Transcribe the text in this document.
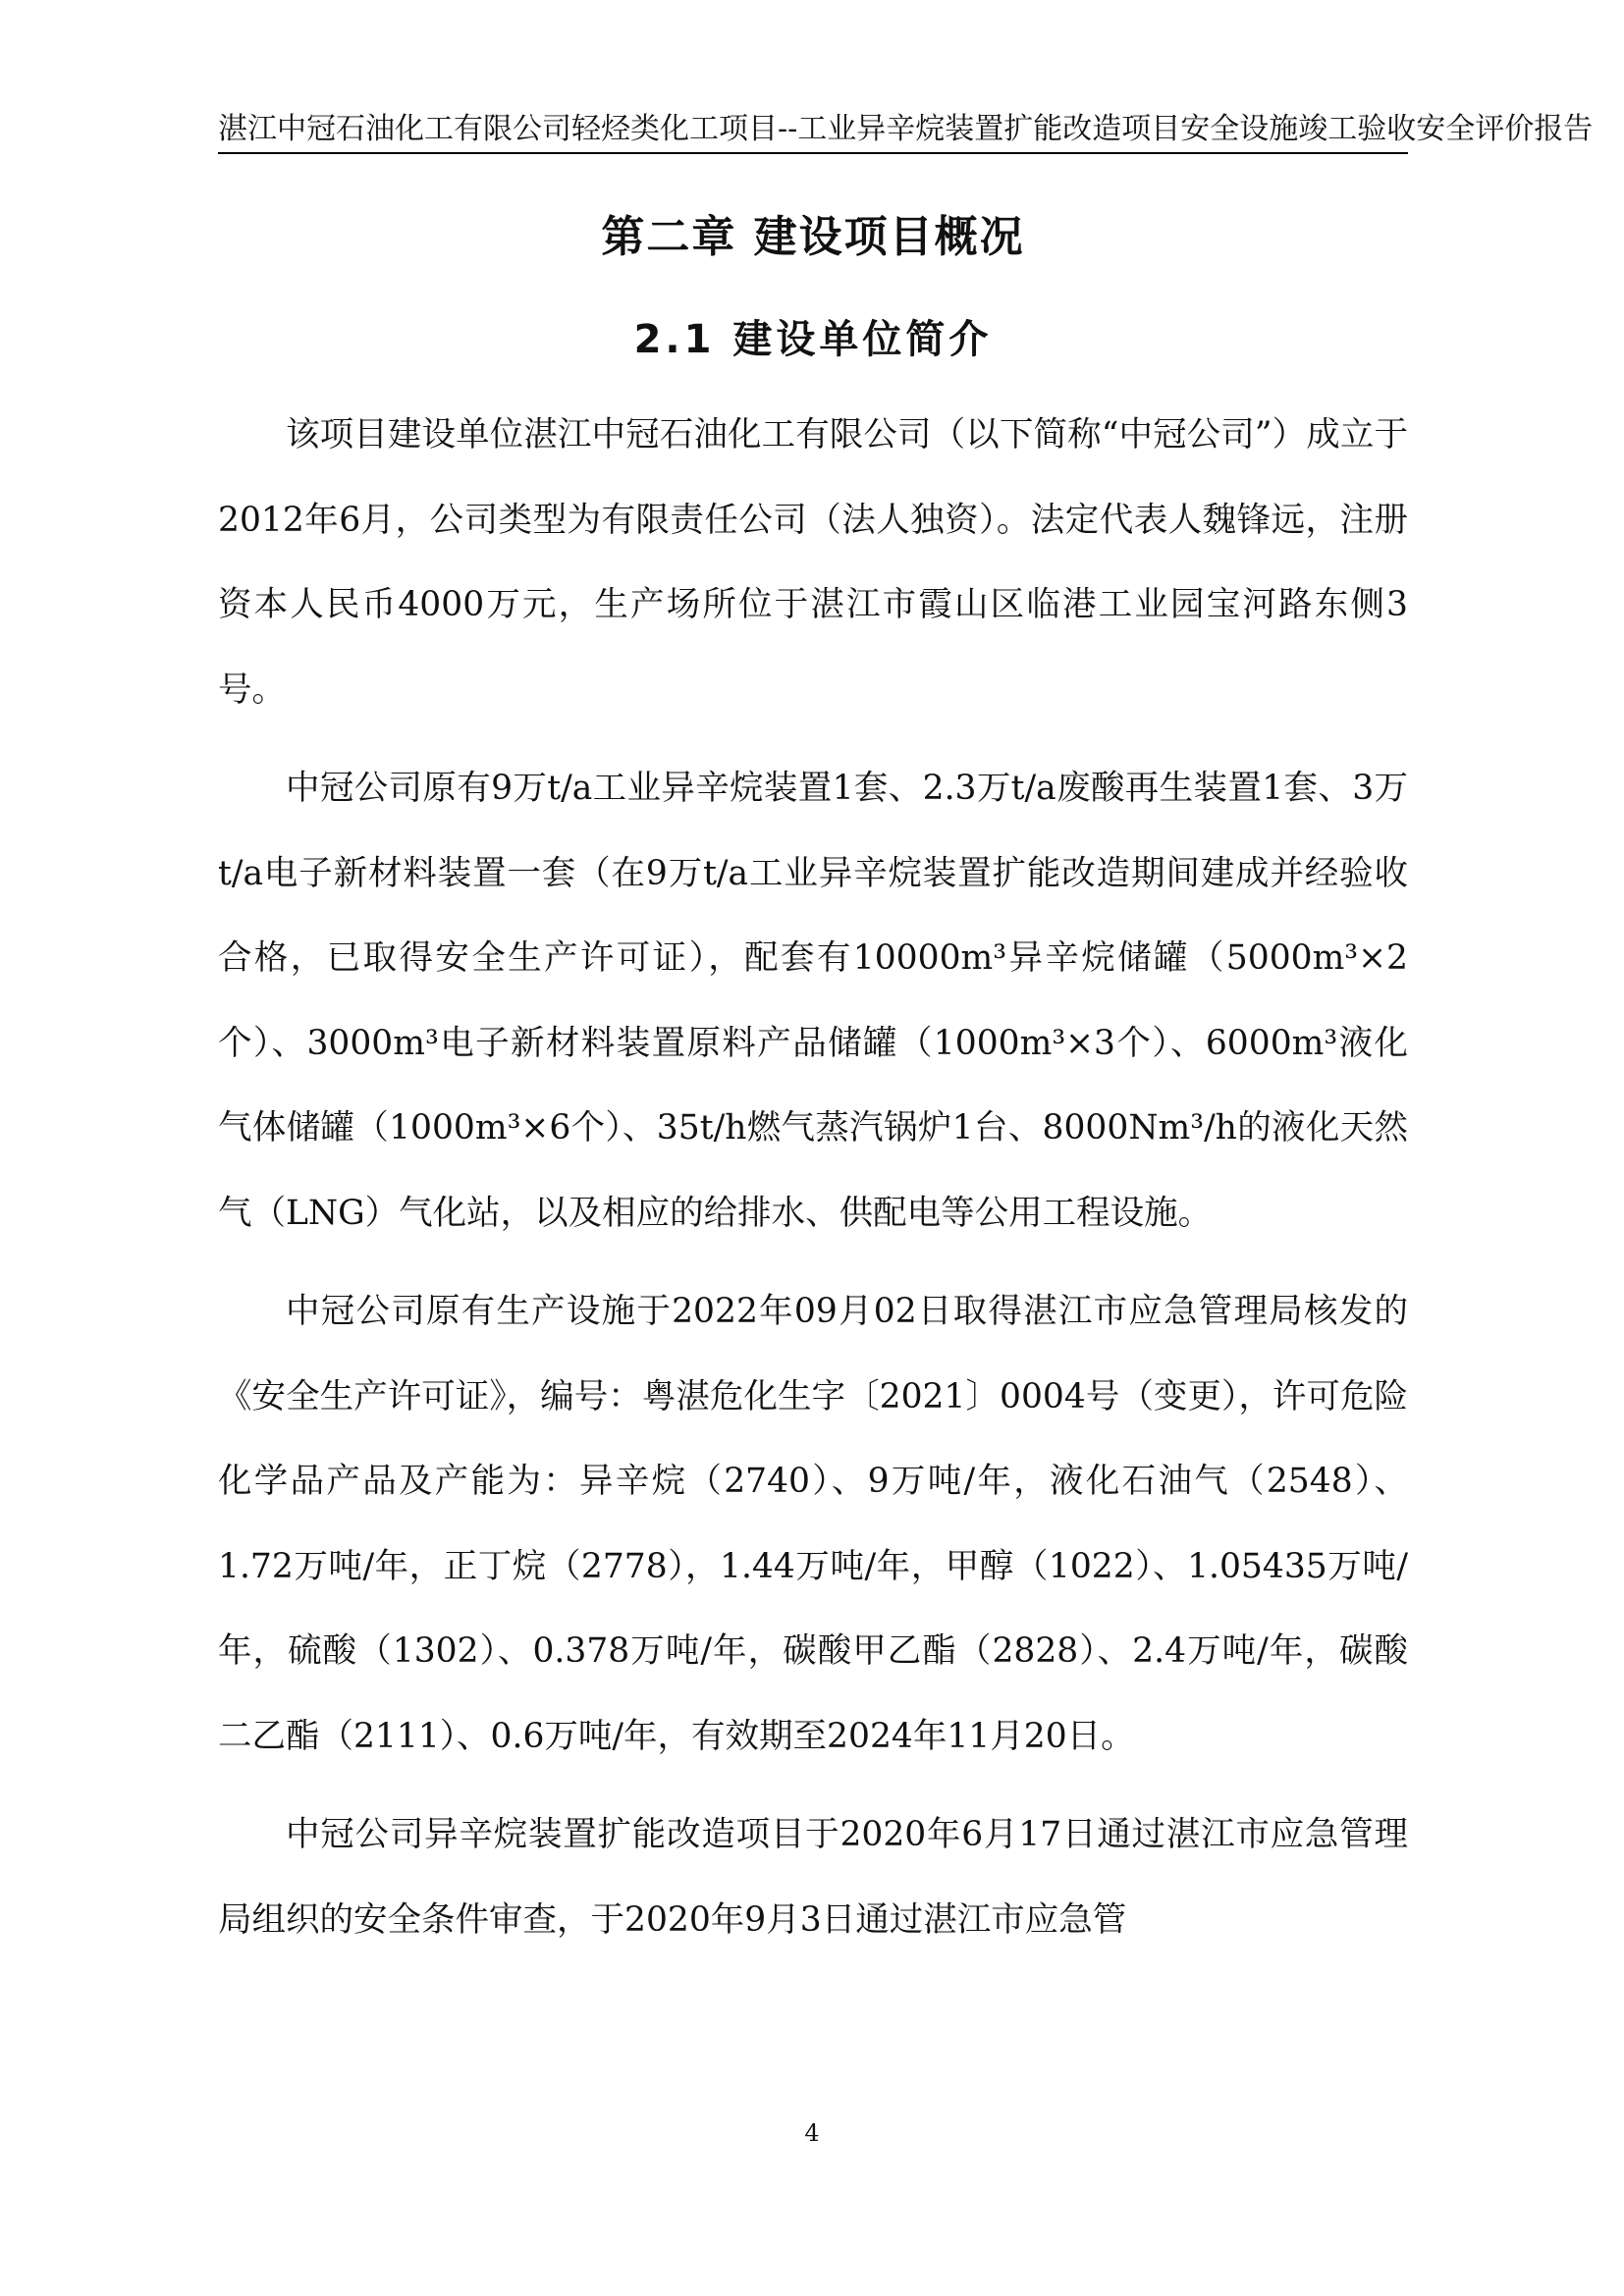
湛江中冠石油化工有限公司轻烃类化工项目--工业异辛烷装置扩能改造项目安全设施竣工验收安全评价报告
第二章 建设项目概况
2.1 建设单位简介

该项目建设单位湛江中冠石油化工有限公司（以下简称“中冠公司”）成立于2012年6月，公司类型为有限责任公司（法人独资）。法定代表人魏锋远，注册资本人民币4000万元，生产场所位于湛江市霞山区临港工业园宝河路东侧3号。

中冠公司原有9万t/a工业异辛烷装置1套、2.3万t/a废酸再生装置1套、3万t/a电子新材料装置一套（在9万t/a工业异辛烷装置扩能改造期间建成并经验收合格，已取得安全生产许可证），配套有10000m³异辛烷储罐（5000m³×2个）、3000m³电子新材料装置原料产品储罐（1000m³×3个）、6000m³液化气体储罐（1000m³×6个）、35t/h燃气蒸汽锅炉1台、8000Nm³/h的液化天然气（LNG）气化站，以及相应的给排水、供配电等公用工程设施。

中冠公司原有生产设施于2022年09月02日取得湛江市应急管理局核发的《安全生产许可证》，编号：粤湛危化生字〔2021〕0004号（变更），许可危险化学品产品及产能为：异辛烷（2740）、9万吨/年，液化石油气（2548）、1.72万吨/年，正丁烷（2778），1.44万吨/年，甲醇（1022）、1.05435万吨/年，硫酸（1302）、0.378万吨/年，碳酸甲乙酯（2828）、2.4万吨/年，碳酸二乙酯（2111）、0.6万吨/年，有效期至2024年11月20日。

中冠公司异辛烷装置扩能改造项目于2020年6月17日通过湛江市应急管理局组织的安全条件审查，于2020年9月3日通过湛江市应急管

4
